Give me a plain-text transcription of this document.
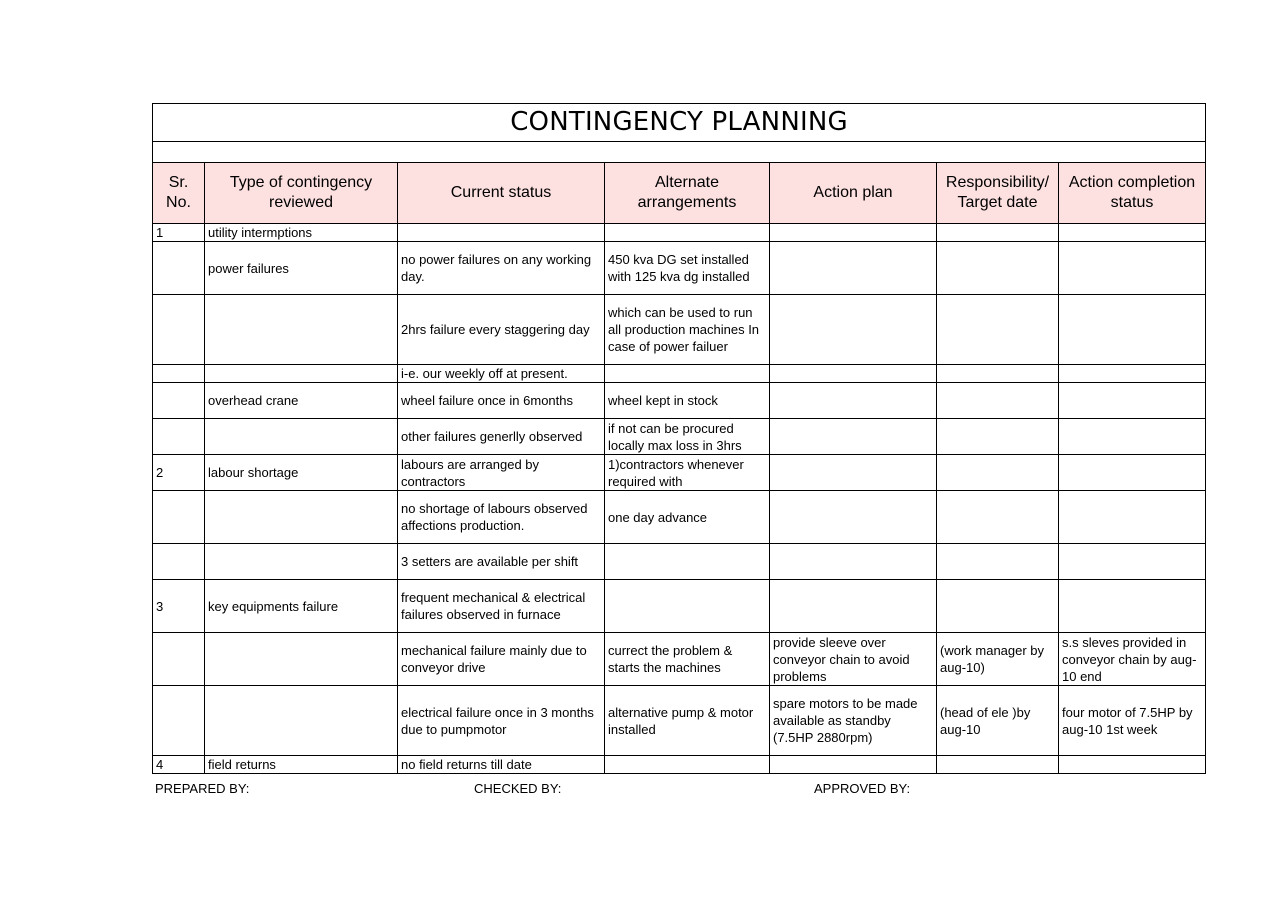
CONTINGENCY PLANNING						

Sr. No.	Type of contingency reviewed	Current status	Alternate arrangements	Action plan	Responsibility/ Target date	Action completion status
1	utility intermptions					
	power failures	no power failures on any working day.	450 kva DG set installed with 125 kva dg installed			
		2hrs failure every staggering day	which can be used to run all production machines In case of power failuer			
		i-e. our weekly off at present.				
	overhead crane	wheel failure once in 6months	wheel kept in stock			
		other failures generlly observed	if not can be procured locally max loss in 3hrs			
2	labour shortage	labours are arranged by contractors	1)contractors whenever required with			
		no shortage of labours observed affections production.	one day advance			
		3 setters are available per shift				
3	key equipments failure	frequent mechanical & electrical failures observed in furnace				
		mechanical failure mainly due to conveyor drive	currect the problem & starts the machines	provide sleeve over conveyor chain to avoid problems	(work manager by aug-10)	s.s sleves provided in conveyor chain by aug-10 end
		electrical failure once in 3 months due to pumpmotor	alternative pump & motor installed	spare motors to be made available as standby (7.5HP 2880rpm)	(head of ele )by aug-10	four motor of 7.5HP by aug-10 1st week
4	field returns	no field returns till date				
PREPARED BY:	CHECKED BY:	APPROVED BY:
